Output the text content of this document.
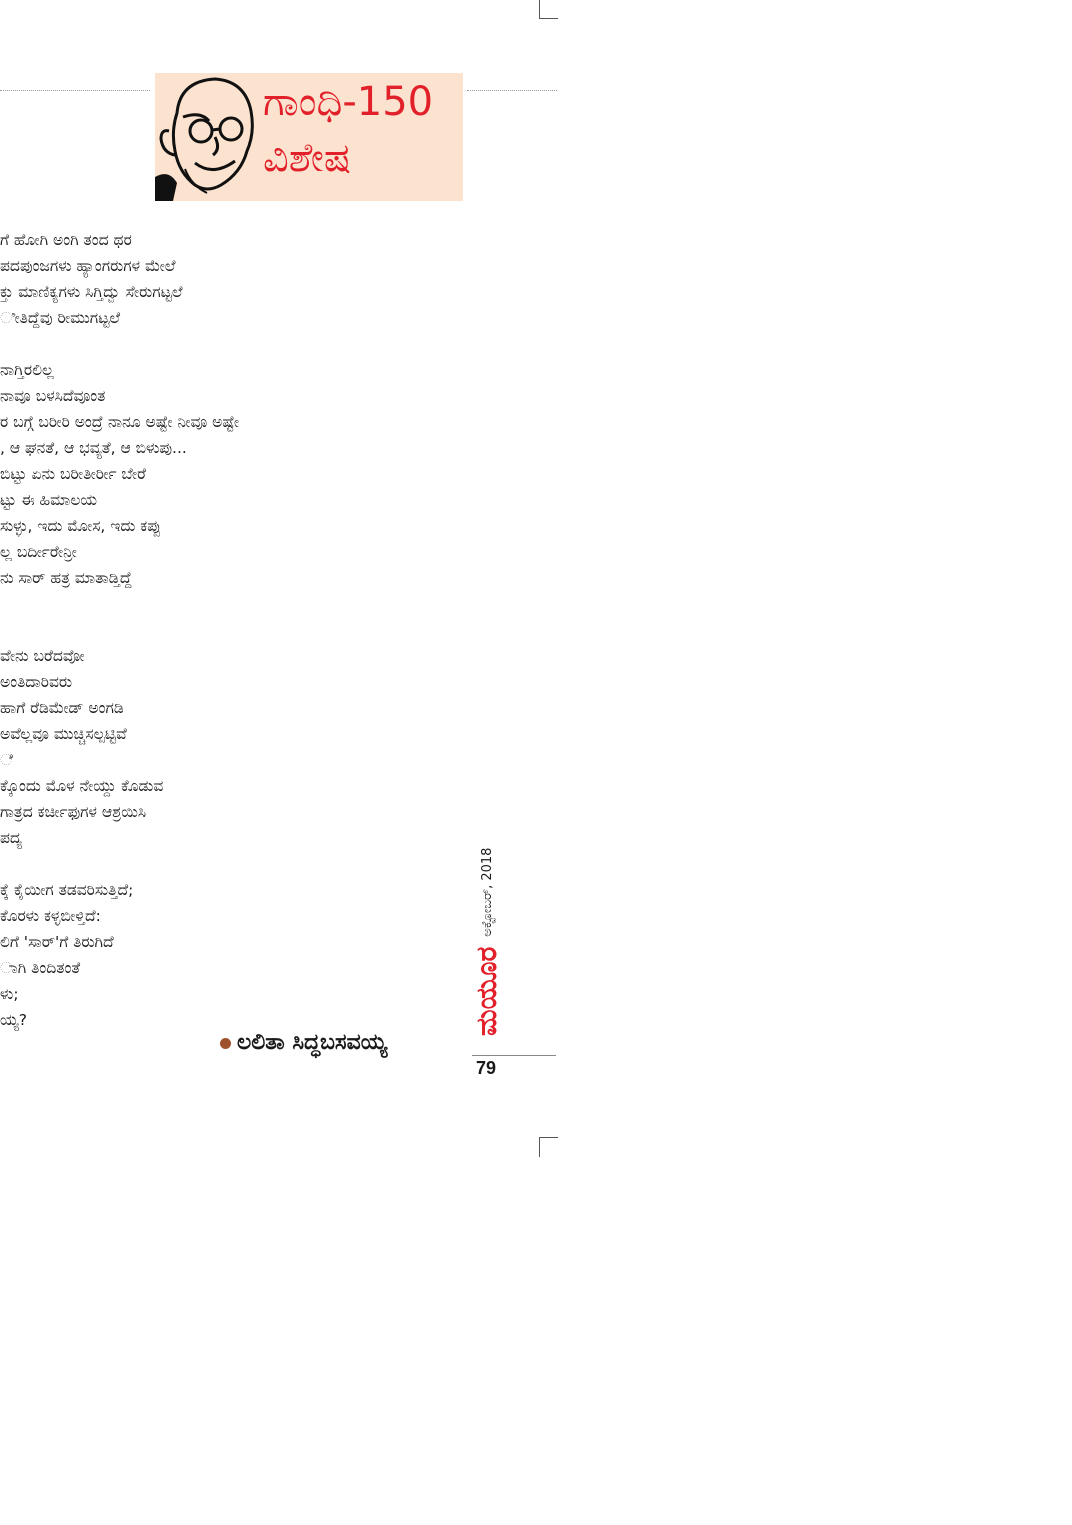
ಗಾಂಧಿ-150
ವಿಶೇಷ
ಗೆ ಹೋಗಿ ಅಂಗಿ ತಂದ ಥರ
ಪದಪುಂಜಗಳು ಹ್ಯಾಂಗರುಗಳ ಮೇಲೆ
ಕ್ತು ಮಾಣಿಕ್ಯಗಳು ಸಿಗ್ತಿದ್ವು ಸೇರುಗಟ್ಟಲೆ
ೀತಿದ್ದೆವು ರೀಮುಗಟ್ಟಲೆ
ನಾಗ್ತಿರಲಿಲ್ಲ
ನಾವೂ ಬಳಸಿದೆವೂಂತ
ರ ಬಗ್ಗೆ ಬರೀರಿ ಅಂದ್ರೆ ನಾನೂ ಅಷ್ಟೇ ನೀವೂ ಅಷ್ಟೇ
, ಆ ಘನತೆ, ಆ ಭವ್ಯತೆ, ಆ ಬಿಳುಪು...
ಬಿಟ್ಟು ಏನು ಬರೀತೀರ್ರೀ ಬೇರೆ
ಟ್ಟು ಈ ಹಿಮಾಲಯ
ಸುಳ್ಳು, ಇದು ಮೋಸ, ಇದು ಕಪ್ಪು
ಲ್ಲ ಬರ್ದೀರೇನ್ರೀ
ನು ಸಾರ್ ಹತ್ರ ಮಾತಾಡ್ತಿದ್ದೆ
ವೇನು ಬರೆದವೋ
ಅಂತಿದಾರಿವರು
ಹಾಗೆ ರೆಡಿಮೇಡ್ ಅಂಗಡಿ
ಅವೆಲ್ಲವೂ ಮುಚ್ಚಿಸಲ್ಪಟ್ಟಿವೆ
ೆ
ಕ್ಕೊಂದು ಮೊಳ ನೇಯ್ದು ಕೊಡುವ
ಗಾತ್ರದ ಕರ್ಚೀಫುಗಳ ಆಶ್ರಯಿಸಿ
ಪದ್ಯ
ಕ್ಕೆ ಕೈಯೀಗ ತಡವರಿಸುತ್ತಿದೆ;
ಕೊರಳು ಕಳ್ಳಬೀಳ್ತಿದೆ:
ಲಿಗೆ 'ಸಾರ್'ಗೆ ತಿರುಗಿದೆ
ಾಗಿ ತಿಂದಿತಂತೆ
ಳು;
ಯ್ಯ?
ಲಲಿತಾ ಸಿದ್ಧಬಸವಯ್ಯ
ಮಯೂರಅಕ್ಟೋಬರ್, 2018
79
